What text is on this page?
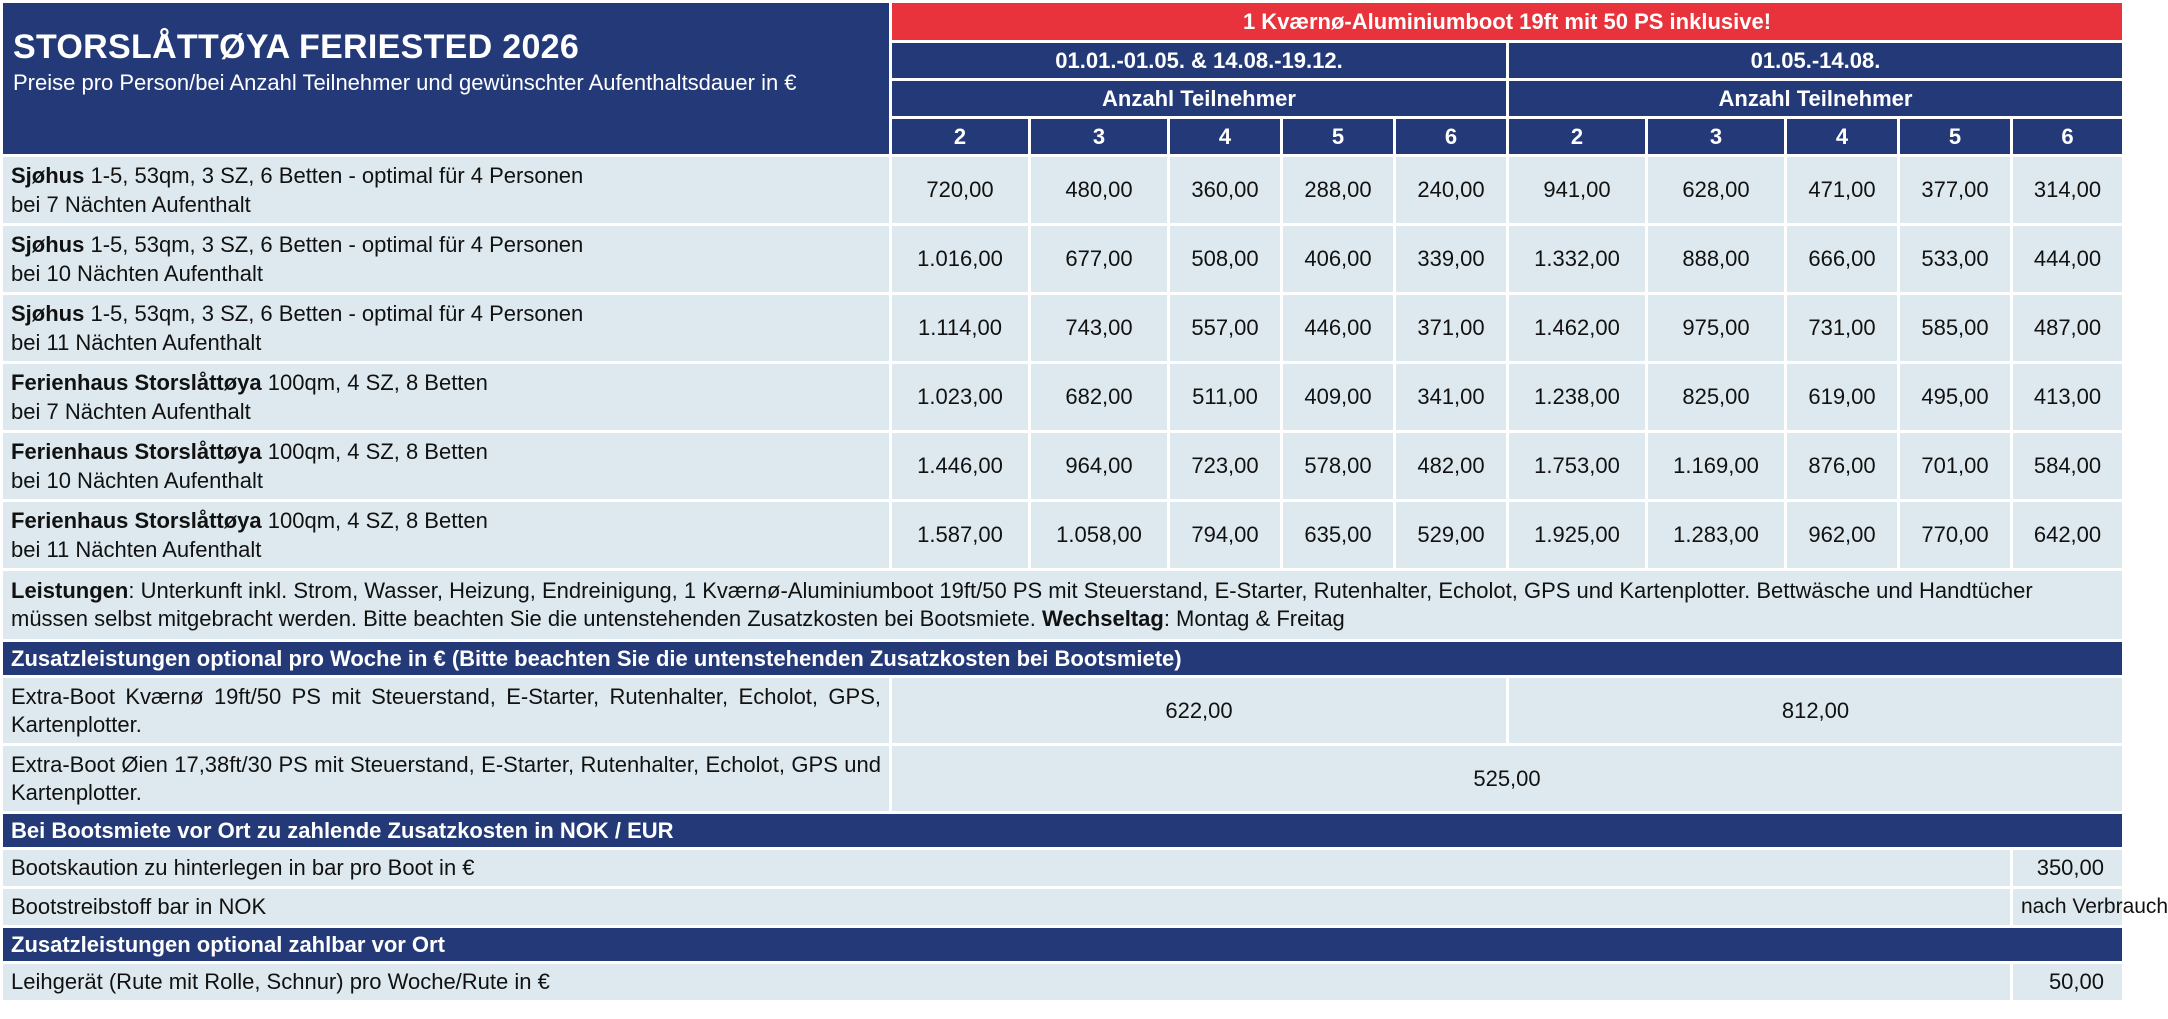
STORSLÅTTØYA FERIESTED 2026
Preise pro Person/bei Anzahl Teilnehmer und gewünschter Aufenthaltsdauer in €	1 Kværnø-Aluminiumboot 19ft mit 50 PS inklusive!									
	01.01.-01.05. & 14.08.-19.12.					01.05.-14.08.				
	Anzahl Teilnehmer					Anzahl Teilnehmer				
	2	3	4	5	6	2	3	4	5	6
Sjøhus 1-5, 53qm, 3 SZ, 6 Betten - optimal für 4 Personen
bei 7 Nächten Aufenthalt	720,00	480,00	360,00	288,00	240,00	941,00	628,00	471,00	377,00	314,00
Sjøhus 1-5, 53qm, 3 SZ, 6 Betten - optimal für 4 Personen
bei 10 Nächten Aufenthalt	1.016,00	677,00	508,00	406,00	339,00	1.332,00	888,00	666,00	533,00	444,00
Sjøhus 1-5, 53qm, 3 SZ, 6 Betten - optimal für 4 Personen
bei 11 Nächten Aufenthalt	1.114,00	743,00	557,00	446,00	371,00	1.462,00	975,00	731,00	585,00	487,00
Ferienhaus Storslåttøya 100qm, 4 SZ, 8 Betten
bei 7 Nächten Aufenthalt	1.023,00	682,00	511,00	409,00	341,00	1.238,00	825,00	619,00	495,00	413,00
Ferienhaus Storslåttøya 100qm, 4 SZ, 8 Betten
bei 10 Nächten Aufenthalt	1.446,00	964,00	723,00	578,00	482,00	1.753,00	1.169,00	876,00	701,00	584,00
Ferienhaus Storslåttøya 100qm, 4 SZ, 8 Betten
bei 11 Nächten Aufenthalt	1.587,00	1.058,00	794,00	635,00	529,00	1.925,00	1.283,00	962,00	770,00	642,00
Leistungen: Unterkunft inkl. Strom, Wasser, Heizung, Endreinigung, 1 Kværnø-Aluminiumboot 19ft/50 PS mit Steuerstand, E-Starter, Rutenhalter, Echolot, GPS und Kartenplotter. Bettwäsche und Handtücher müssen selbst mitgebracht werden. Bitte beachten Sie die untenstehenden Zusatzkosten bei Bootsmiete. Wechseltag: Montag & Freitag										
Zusatzleistungen optional pro Woche in € (Bitte beachten Sie die untenstehenden Zusatzkosten bei Bootsmiete)										
Extra-Boot Kværnø 19ft/50 PS mit Steuerstand, E-Starter, Rutenhalter, Echolot, GPS, Kartenplotter.	622,00					812,00				
Extra-Boot Øien 17,38ft/30 PS mit Steuerstand, E-Starter, Rutenhalter, Echolot, GPS und Kartenplotter.	525,00									
Bei Bootsmiete vor Ort zu zahlende Zusatzkosten in NOK / EUR										
Bootskaution zu hinterlegen in bar pro Boot in €										350,00
Bootstreibstoff bar in NOK										nach Verbrauch
Zusatzleistungen optional zahlbar vor Ort										
Leihgerät (Rute mit Rolle, Schnur) pro Woche/Rute in €										50,00
